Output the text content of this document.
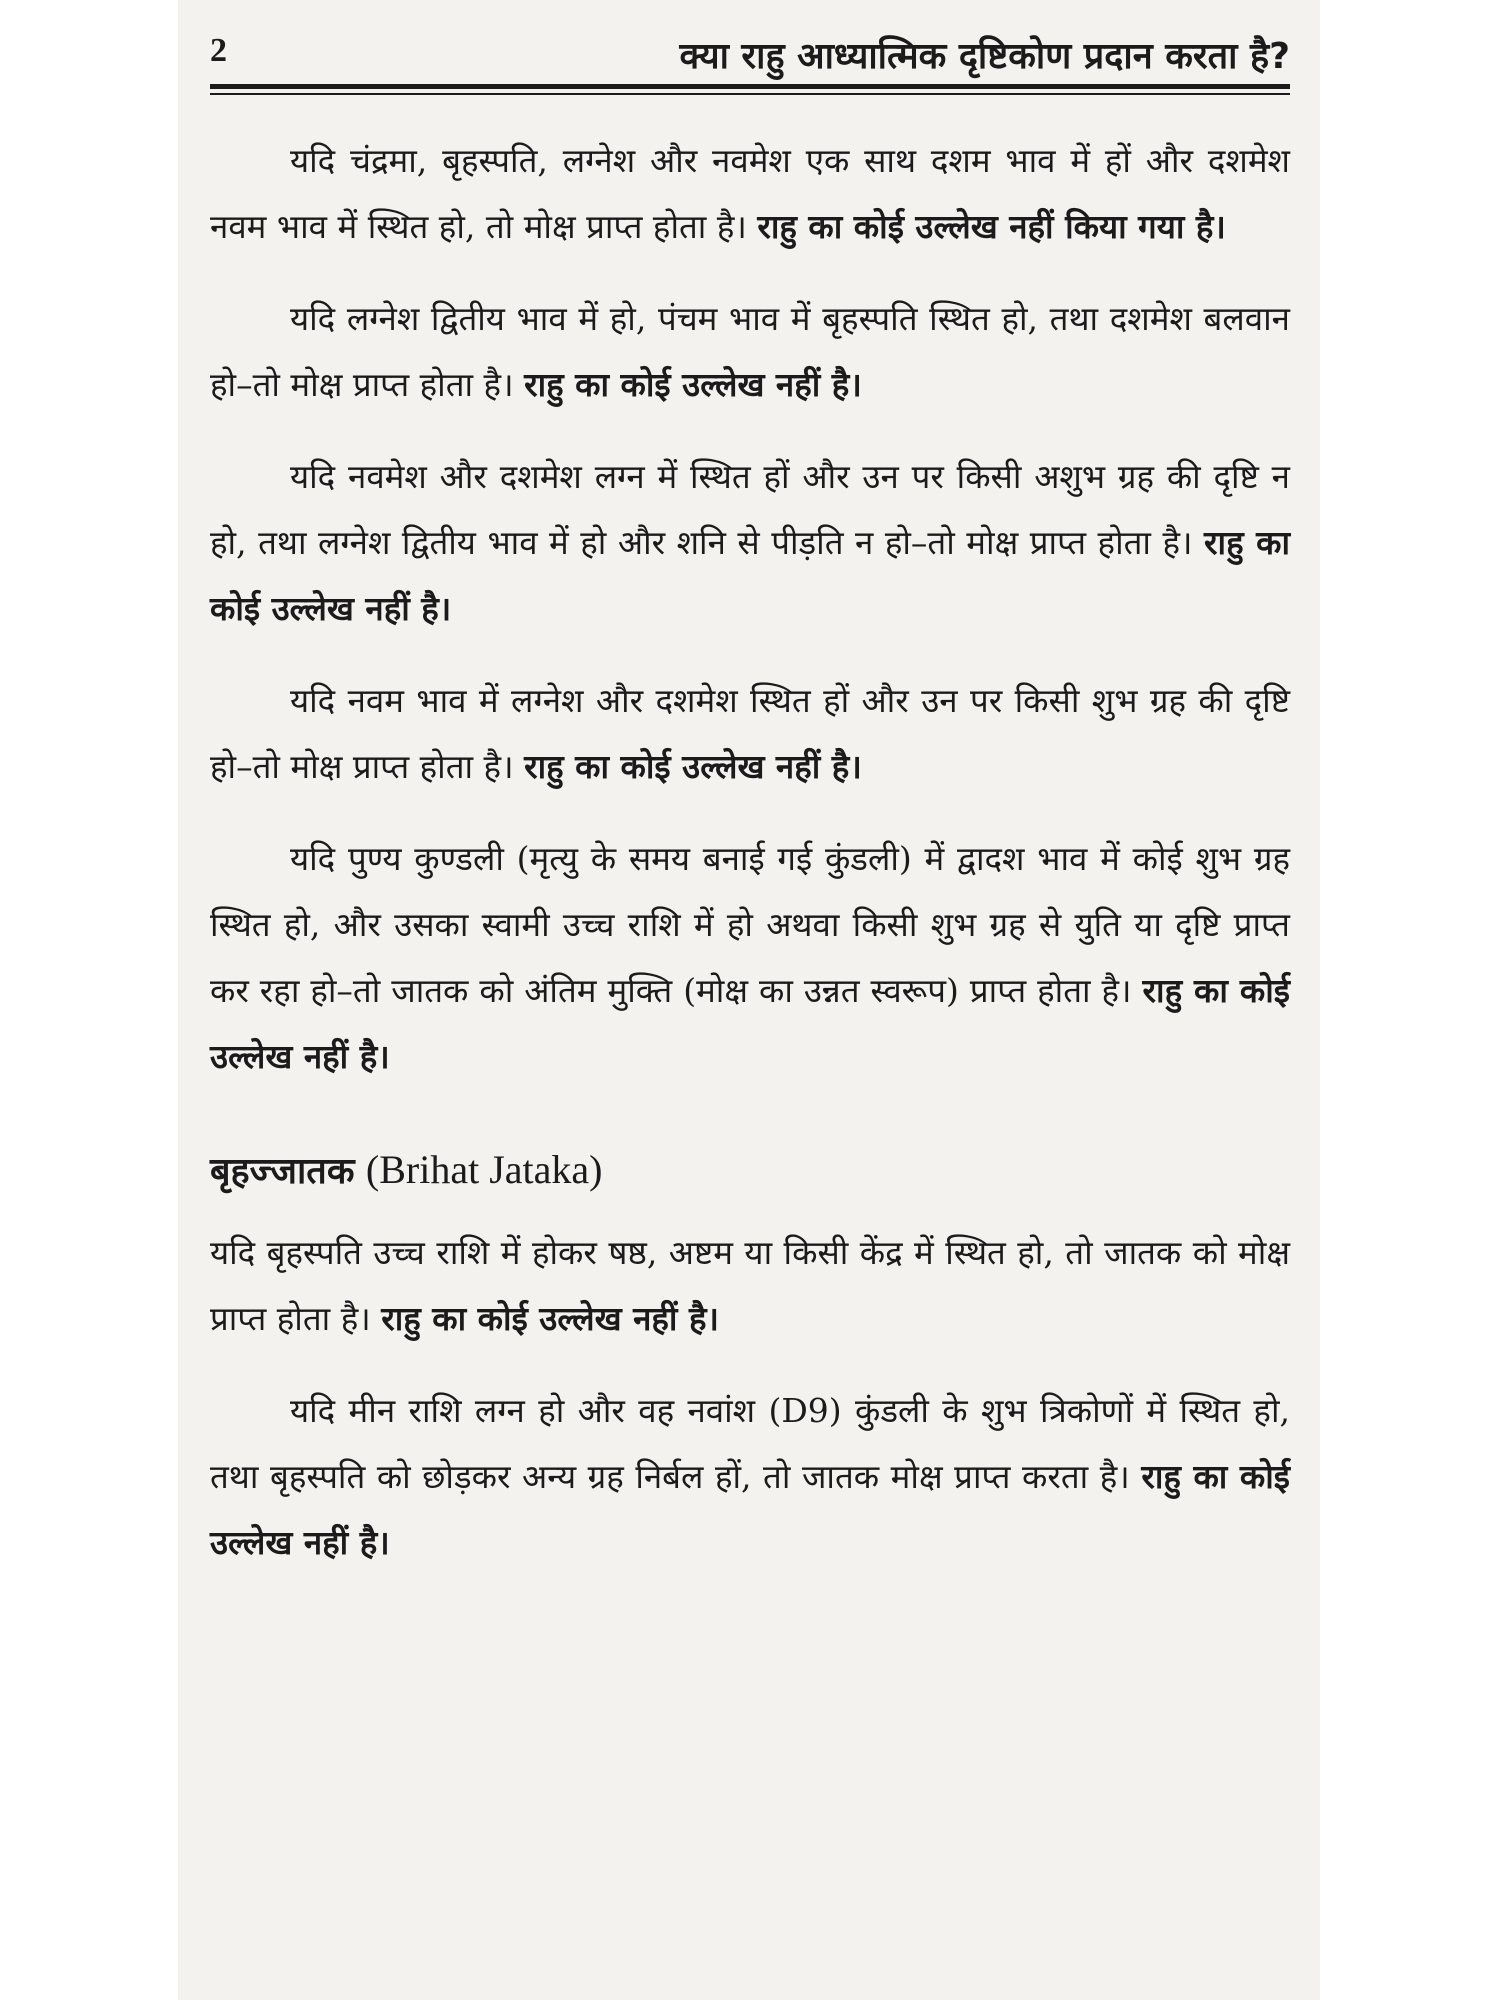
2	क्या राहु आध्यात्मिक दृष्टिकोण प्रदान करता है?

यदि चंद्रमा, बृहस्पति, लग्नेश और नवमेश एक साथ दशम भाव में हों और दशमेश नवम भाव में स्थित हो, तो मोक्ष प्राप्त होता है। राहु का कोई उल्लेख नहीं किया गया है।

यदि लग्नेश द्वितीय भाव में हो, पंचम भाव में बृहस्पति स्थित हो, तथा दशमेश बलवान हो–तो मोक्ष प्राप्त होता है। राहु का कोई उल्लेख नहीं है।

यदि नवमेश और दशमेश लग्न में स्थित हों और उन पर किसी अशुभ ग्रह की दृष्टि न हो, तथा लग्नेश द्वितीय भाव में हो और शनि से पीड़ति न हो–तो मोक्ष प्राप्त होता है। राहु का कोई उल्लेख नहीं है।

यदि नवम भाव में लग्नेश और दशमेश स्थित हों और उन पर किसी शुभ ग्रह की दृष्टि हो–तो मोक्ष प्राप्त होता है। राहु का कोई उल्लेख नहीं है।

यदि पुण्य कुण्डली (मृत्यु के समय बनाई गई कुंडली) में द्वादश भाव में कोई शुभ ग्रह स्थित हो, और उसका स्वामी उच्च राशि में हो अथवा किसी शुभ ग्रह से युति या दृष्टि प्राप्त कर रहा हो–तो जातक को अंतिम मुक्ति (मोक्ष का उन्नत स्वरूप) प्राप्त होता है। राहु का कोई उल्लेख नहीं है।

बृहज्जातक (Brihat Jataka)

यदि बृहस्पति उच्च राशि में होकर षष्ठ, अष्टम या किसी केंद्र में स्थित हो, तो जातक को मोक्ष प्राप्त होता है। राहु का कोई उल्लेख नहीं है।

यदि मीन राशि लग्न हो और वह नवांश (D9) कुंडली के शुभ त्रिकोणों में स्थित हो, तथा बृहस्पति को छोड़कर अन्य ग्रह निर्बल हों, तो जातक मोक्ष प्राप्त करता है। राहु का कोई उल्लेख नहीं है।
